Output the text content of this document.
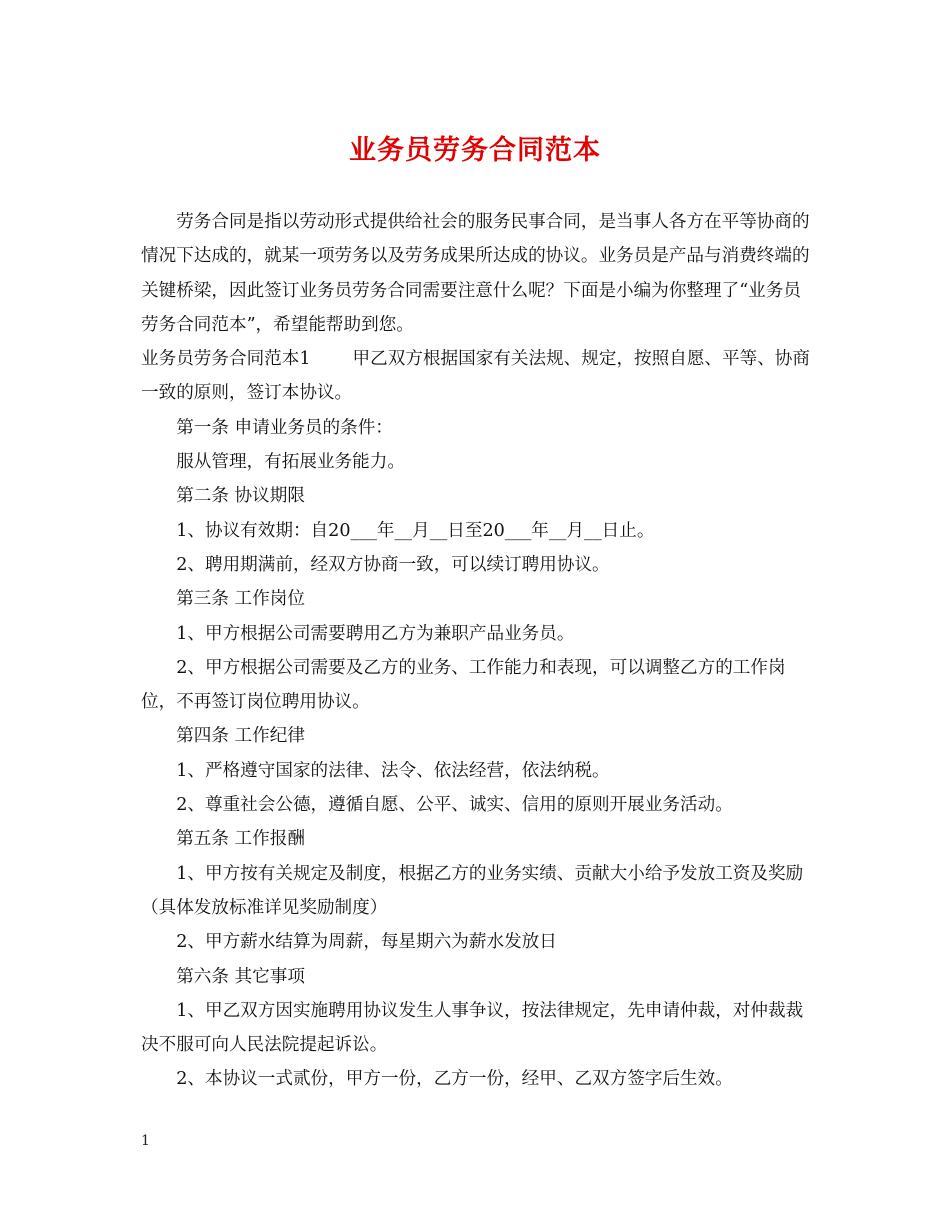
业务员劳务合同范本

劳务合同是指以劳动形式提供给社会的服务民事合同，是当事人各方在平等协商的情况下达成的，就某一项劳务以及劳务成果所达成的协议。业务员是产品与消费终端的关键桥梁，因此签订业务员劳务合同需要注意什么呢？下面是小编为你整理了“业务员劳务合同范本”，希望能帮助到您。

业务员劳务合同范本1 甲乙双方根据国家有关法规、规定，按照自愿、平等、协商一致的原则，签订本协议。

第一条 申请业务员的条件：

服从管理，有拓展业务能力。

第二条 协议期限

1、协议有效期：自20___年__月__日至20___年__月__日止。

2、聘用期满前，经双方协商一致，可以续订聘用协议。

第三条 工作岗位

1、甲方根据公司需要聘用乙方为兼职产品业务员。

2、甲方根据公司需要及乙方的业务、工作能力和表现，可以调整乙方的工作岗位，不再签订岗位聘用协议。

第四条 工作纪律

1、严格遵守国家的法律、法令、依法经营，依法纳税。

2、尊重社会公德，遵循自愿、公平、诚实、信用的原则开展业务活动。

第五条 工作报酬

1、甲方按有关规定及制度，根据乙方的业务实绩、贡献大小给予发放工资及奖励（具体发放标准详见奖励制度）

2、甲方薪水结算为周薪，每星期六为薪水发放日

第六条 其它事项

1、甲乙双方因实施聘用协议发生人事争议，按法律规定，先申请仲裁，对仲裁裁决不服可向人民法院提起诉讼。

2、本协议一式贰份，甲方一份，乙方一份，经甲、乙双方签字后生效。

1
